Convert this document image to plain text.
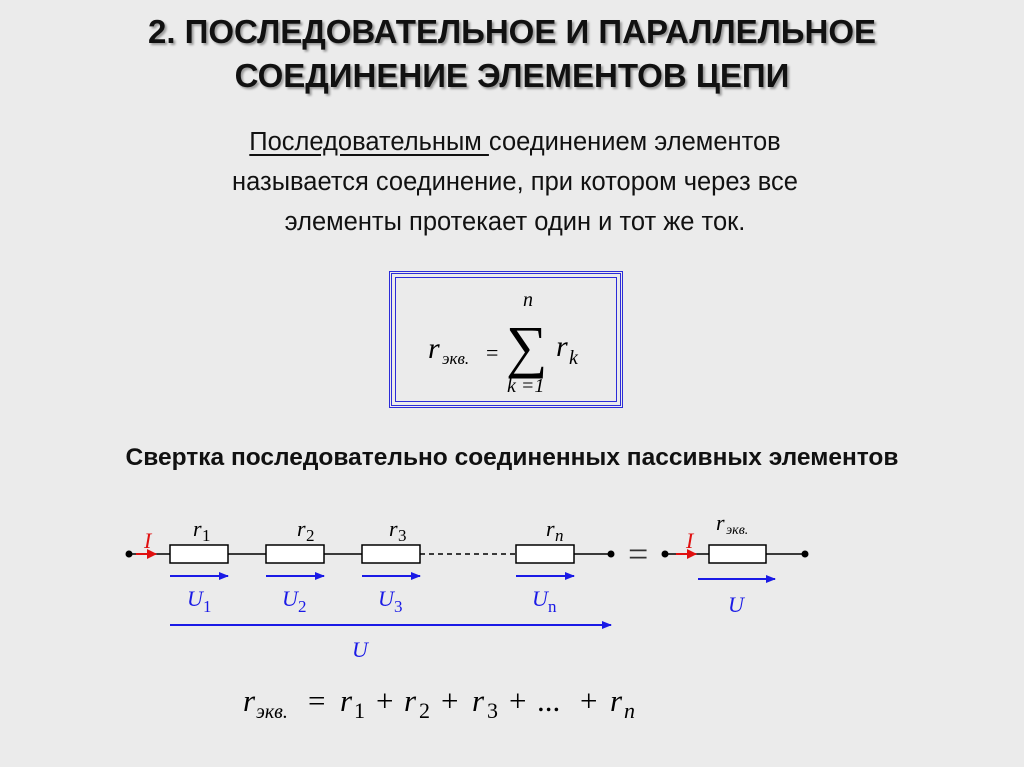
2. ПОСЛЕДОВАТЕЛЬНОЕ И ПАРАЛЛЕЛЬНОЕ
СОЕДИНЕНИЕ ЭЛЕМЕНТОВ ЦЕПИ
Последовательным соединением элементов
называется соединение, при котором через все
элементы протекает один и тот же ток.
Свертка последовательно соединенных пассивных элементов
r экв. = ∑
n
k =1
r k
I r 1	r 2	r 3	r n
U 1	U 2	U 3	U n
U
= I
r экв.
U
r экв. = r 1 + r 2 + r 3 + ... + r n
